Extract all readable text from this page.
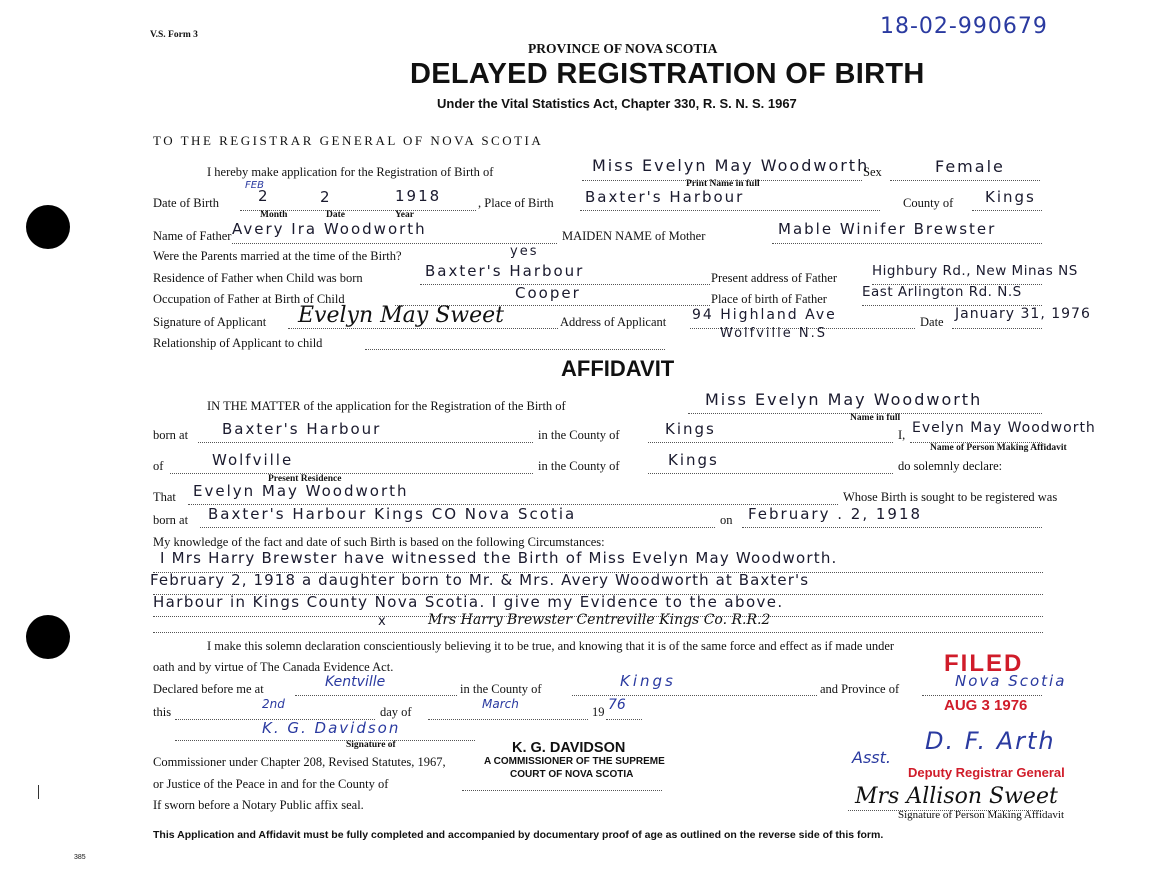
V.S. Form 3	18-02-990679
PROVINCE OF NOVA SCOTIA
DELAYED REGISTRATION OF BIRTH
Under the Vital Statistics Act, Chapter 330, R. S. N. S. 1967
TO THE REGISTRAR GENERAL OF NOVA SCOTIA
I hereby make application for the Registration of Birth of	Miss Evelyn May Woodworth
Print Name in full
Sex	Female
Date of Birth
FEB
2	2	1918
Month	Date	Year
, Place of Birth Baxter's Harbour	County of Kings
Name of Father Avery Ira Woodworth	MAIDEN NAME of Mother	Mable Winifer Brewster
Were the Parents married at the time of the Birth?	yes
Residence of Father when Child was born	Baxter's Harbour	Present address of Father	Highbury Rd., New Minas NS
Occupation of Father at Birth of Child	Cooper	Place of birth of Father	East Arlington Rd. N.S
Signature of Applicant Evelyn May Sweet	Address of Applicant 94 Highland Ave	Date January 31, 1976
Wolfville N.S
Relationship of Applicant to child
AFFIDAVIT
IN THE MATTER of the application for the Registration of the Birth of	Miss Evelyn May Woodworth
Name in full
born at Baxter's Harbour	in the County of	Kings	I, Evelyn May Woodworth
Name of Person Making Affidavit
of	Wolfville
Present Residence
in the County of	Kings	do solemnly declare:
That Evelyn May Woodworth	Whose Birth is sought to be registered was
born at Baxter's Harbour Kings CO Nova Scotia	on February . 2, 1918
My knowledge of the fact and date of such Birth is based on the following Circumstances:
I Mrs Harry Brewster have witnessed the Birth of Miss Evelyn May Woodworth.
February 2, 1918 a daughter born to Mr. & Mrs. Avery Woodworth at Baxter's
Harbour in Kings County Nova Scotia. I give my Evidence to the above.
x	Mrs Harry Brewster Centreville Kings Co. R.R.2
I make this solemn declaration conscientiously believing it to be true, and knowing that it is of the same force and effect as if made under
oath and by virtue of The Canada Evidence Act.	FILED
Declared before me at	Kentville	in the County of	Kings	and Province of	Nova Scotia
this
2nd
day of
March
19 76	AUG 3 1976
K. G. Davidson
Signature of	K. G. DAVIDSON
A COMMISSIONER OF THE SUPREME
COURT OF NOVA SCOTIA
Commissioner under Chapter 208, Revised Statutes, 1967,
or Justice of the Peace in and for the County of
If sworn before a Notary Public affix seal.
Asst.
D. F. Arth
Deputy Registrar General
Mrs Allison Sweet
Signature of Person Making Affidavit
This Application and Affidavit must be fully completed and accompanied by documentary proof of age as outlined on the reverse side of this form.
385
